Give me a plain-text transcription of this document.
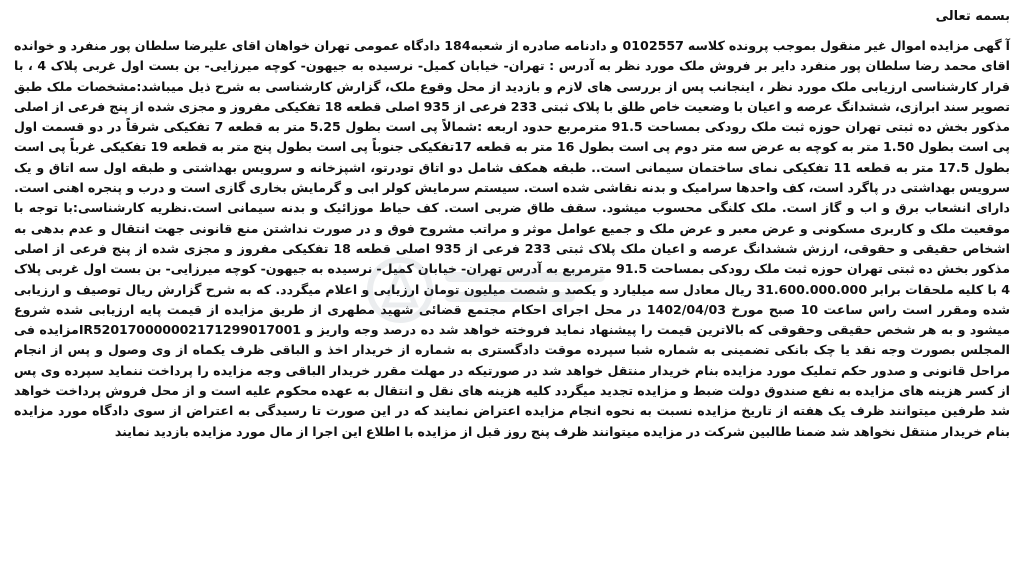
بسمه تعالی

آ گهی مزایده اموال غیر منقول بموجب پرونده کلاسه 0102557 و دادنامه صادره از شعبه184 دادگاه عمومی تهران خواهان اقای علیرضا سلطان پور منفرد و خوانده اقای محمد رضا سلطان پور منفرد دایر بر فروش ملک مورد نظر به آدرس : تهران- خیابان کمیل- نرسیده به جیهون- کوچه میرزایی- بن بست اول غربی پلاک 4 ، با قرار کارشناسی ارزیابی ملک مورد نظر ، اینجانب پس از بررسی های لازم و بازدید از محل وقوع ملک، گزارش کارشناسی به شرح ذیل میباشد:مشخصات ملک طبق تصویر سند ابرازی، ششدانگ عرصه و اعیان با وضعیت خاص طلق با پلاک ثبتی 233 فرعی از 935 اصلی قطعه 18 تفکیکی مفروز و مجزی شده از پنج فرعی از اصلی مذکور بخش ده ثبتی تهران حوزه ثبت ملک رودکی بمساحت 91.5 مترمربع حدود اربعه :شمالاً پی است بطول 5.25 متر به قطعه 7 تفکیکی شرقاً در دو قسمت اول پی است بطول 1.50 متر به کوچه به عرض سه متر دوم پی است بطول 16 متر به قطعه 17تفکیکی جنوباً پی است بطول پنج متر به قطعه 19 تفکیکی غرباً پی است بطول 17.5 متر به قطعه 11 تفکیکی نمای ساختمان سیمانی است.. طبقه همکف شامل دو اتاق تودرتو، اشپزخانه و سرویس بهداشتی و طبقه اول سه اتاق و یک سرویس بهداشتی در پاگرد است، کف واحدها سرامیک و بدنه نقاشی شده است. سیستم سرمایش کولر ابی و گرمایش بخاری گازی است و درب و پنجره اهنی است. دارای انشعاب برق و اب و گاز است. ملک کلنگی محسوب میشود. سقف طاق ضربی است. کف حیاط موزائیک و بدنه سیمانی است.نظریه کارشناسی:با توجه با موقعیت ملک و کاربری مسکونی و عرض معبر و عرض ملک و جمیع عوامل موثر و مراتب مشروح فوق و در صورت نداشتن منع قانونی جهت انتقال و عدم بدهی به اشخاص حقیقی و حقوقی، ارزش ششدانگ عرصه و اعیان ملک پلاک ثبتی 233 فرعی از 935 اصلی قطعه 18 تفکیکی مفروز و مجزی شده از پنج فرعی از اصلی مذکور بخش ده ثبتی تهران حوزه ثبت ملک رودکی بمساحت 91.5 مترمربع به آدرس تهران- خیابان کمیل- نرسیده به جیهون- کوچه میرزایی- بن بست اول غربی پلاک 4 با کلیه ملحقات برابر 31.600.000.000 ریال معادل سه میلیارد و یکصد و شصت میلیون تومان ارزیابی و اعلام میگردد. که به شرح گزارش ریال توصیف و ارزیابی شده ومقرر است راس ساعت 10 صبح مورخ 1402/04/03 در محل اجرای احکام مجتمع قضائی شهید مطهری از طریق مزایده از قیمت پایه ارزیابی شده شروع میشود و به هر شخص حقیقی وحقوقی که بالاترین قیمت را پیشنهاد نماید فروخته خواهد شد ده درصد وجه واریز و IR520170000002171299017001مزایده فی المجلس بصورت وجه نقد یا چک بانکی تضمینی به شماره شبا سپرده موقت دادگستری به شماره از خریدار اخذ و الباقی ظرف یکماه از وی وصول و پس از انجام مراحل قانونی و صدور حکم تملیک مورد مزایده بنام خریدار منتقل خواهد شد در صورتیکه در مهلت مقرر خریدار الباقی وجه مزایده را پرداخت ننماید سپرده وی پس از کسر هزینه های مزایده به نفع صندوق دولت ضبط و مزایده تجدید میگردد کلیه هزینه های نقل و انتقال به عهده محکوم علیه است و از محل فروش پرداخت خواهد شد طرفین میتوانند ظرف یک هفته از تاریخ مزایده نسبت به نحوه انجام مزایده اعتراض نمایند که در این صورت تا رسیدگی به اعتراض از سوی دادگاه مورد مزایده بنام خریدار منتقل نخواهد شد ضمنا طالبین شرکت در مزایده میتوانند ظرف پنج روز قبل از مزایده با اطلاع این اجرا از مال مورد مزایده بازدید نمایند
